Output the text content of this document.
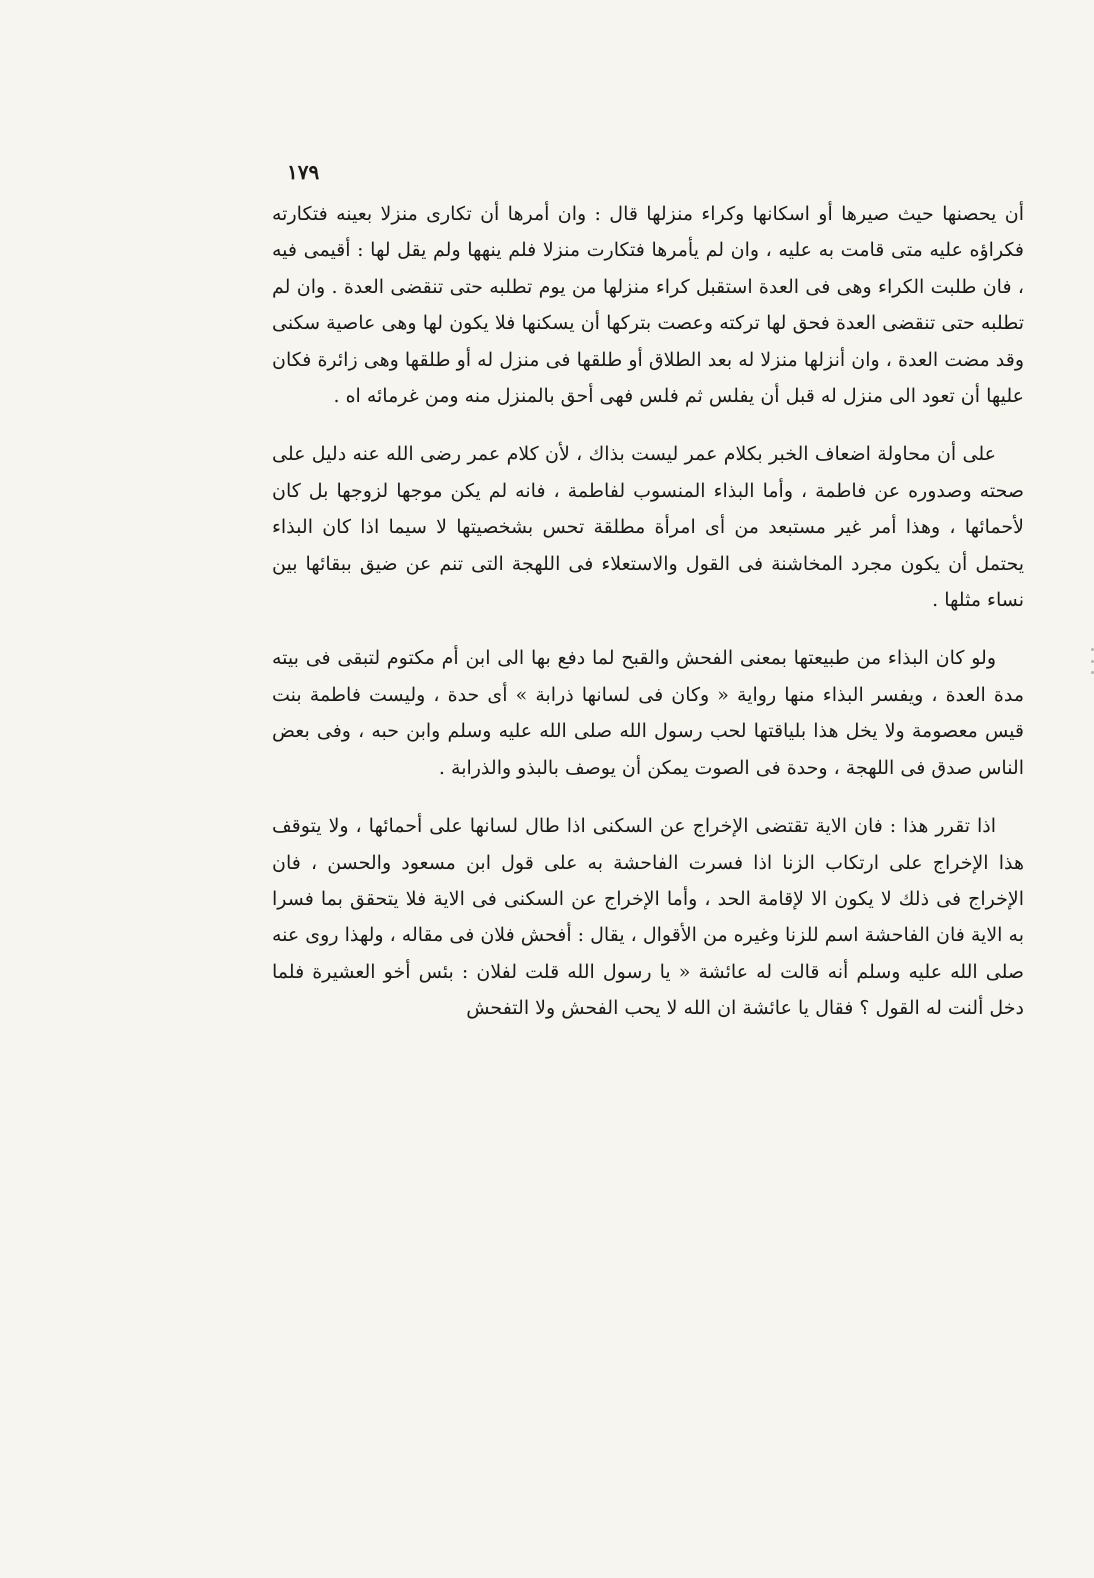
١٧٩

أن يحصنها حيث صيرها أو اسكانها وكراء منزلها قال : وان أمرها أن تكارى منزلا بعينه فتكارته فكراؤه عليه متى قامت به عليه ، وان لم يأمرها فتكارت منزلا فلم ينهها ولم يقل لها : أقيمى فيه ، فان طلبت الكراء وهى فى العدة استقبل كراء منزلها من يوم تطلبه حتى تنقضى العدة . وان لم تطلبه حتى تنقضى العدة فحق لها تركته وعصت بتركها أن يسكنها فلا يكون لها وهى عاصية سكنى وقد مضت العدة ، وان أنزلها منزلا له بعد الطلاق أو طلقها فى منزل له أو طلقها وهى زائرة فكان عليها أن تعود الى منزل له قبل أن يفلس ثم فلس فهى أحق بالمنزل منه ومن غرمائه اه .

على أن محاولة اضعاف الخبر بكلام عمر ليست بذاك ، لأن كلام عمر رضى الله عنه دليل على صحته وصدوره عن فاطمة ، وأما البذاء المنسوب لفاطمة ، فانه لم يكن موجها لزوجها بل كان لأحمائها ، وهذا أمر غير مستبعد من أى امرأة مطلقة تحس بشخصيتها لا سيما اذا كان البذاء يحتمل أن يكون مجرد المخاشنة فى القول والاستعلاء فى اللهجة التى تنم عن ضيق ببقائها بين نساء مثلها .

ولو كان البذاء من طبيعتها بمعنى الفحش والقبح لما دفع بها الى ابن أم مكتوم لتبقى فى بيته مدة العدة ، ويفسر البذاء منها رواية « وكان فى لسانها ذرابة » أى حدة ، وليست فاطمة بنت قيس معصومة ولا يخل هذا بلياقتها لحب رسول الله صلى الله عليه وسلم وابن حبه ، وفى بعض الناس صدق فى اللهجة ، وحدة فى الصوت يمكن أن يوصف بالبذو والذرابة .

اذا تقرر هذا : فان الاية تقتضى الإخراج عن السكنى اذا طال لسانها على أحمائها ، ولا يتوقف هذا الإخراج على ارتكاب الزنا اذا فسرت الفاحشة به على قول ابن مسعود والحسن ، فان الإخراج فى ذلك لا يكون الا لإقامة الحد ، وأما الإخراج عن السكنى فى الاية فلا يتحقق بما فسرا به الاية فان الفاحشة اسم للزنا وغيره من الأقوال ، يقال : أفحش فلان فى مقاله ، ولهذا روى عنه صلى الله عليه وسلم أنه قالت له عائشة « يا رسول الله قلت لفلان : بئس أخو العشيرة فلما دخل ألنت له القول ؟ فقال يا عائشة ان الله لا يحب الفحش ولا التفحش
